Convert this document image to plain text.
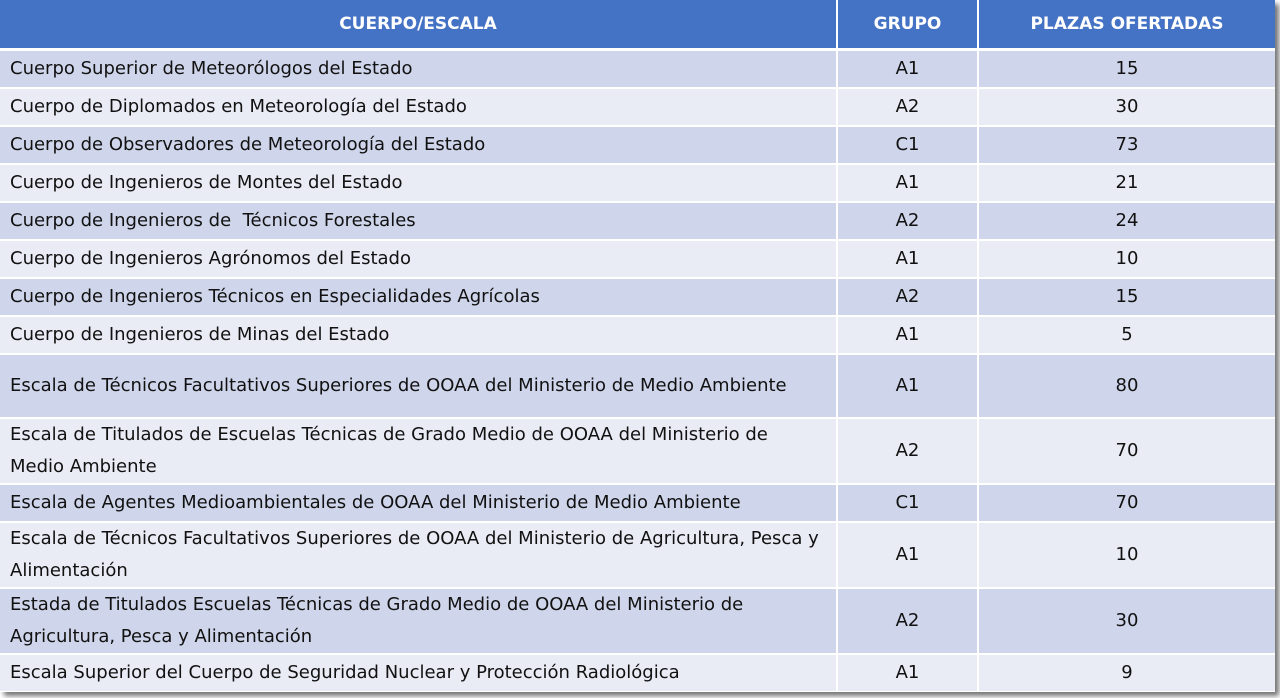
CUERPO/ESCALA	GRUPO	PLAZAS OFERTADAS
Cuerpo Superior de Meteorólogos del Estado	A1	15
Cuerpo de Diplomados en Meteorología del Estado	A2	30
Cuerpo de Observadores de Meteorología del Estado	C1	73
Cuerpo de Ingenieros de Montes del Estado	A1	21
Cuerpo de Ingenieros de  Técnicos Forestales	A2	24
Cuerpo de Ingenieros Agrónomos del Estado	A1	10
Cuerpo de Ingenieros Técnicos en Especialidades Agrícolas	A2	15
Cuerpo de Ingenieros de Minas del Estado	A1	5
Escala de Técnicos Facultativos Superiores de OOAA del Ministerio de Medio Ambiente	A1	80
Escala de Titulados de Escuelas Técnicas de Grado Medio de OOAA del Ministerio de Medio Ambiente	A2	70
Escala de Agentes Medioambientales de OOAA del Ministerio de Medio Ambiente	C1	70
Escala de Técnicos Facultativos Superiores de OOAA del Ministerio de Agricultura, Pesca y Alimentación	A1	10
Estada de Titulados Escuelas Técnicas de Grado Medio de OOAA del Ministerio de Agricultura, Pesca y Alimentación	A2	30
Escala Superior del Cuerpo de Seguridad Nuclear y Protección Radiológica	A1	9
